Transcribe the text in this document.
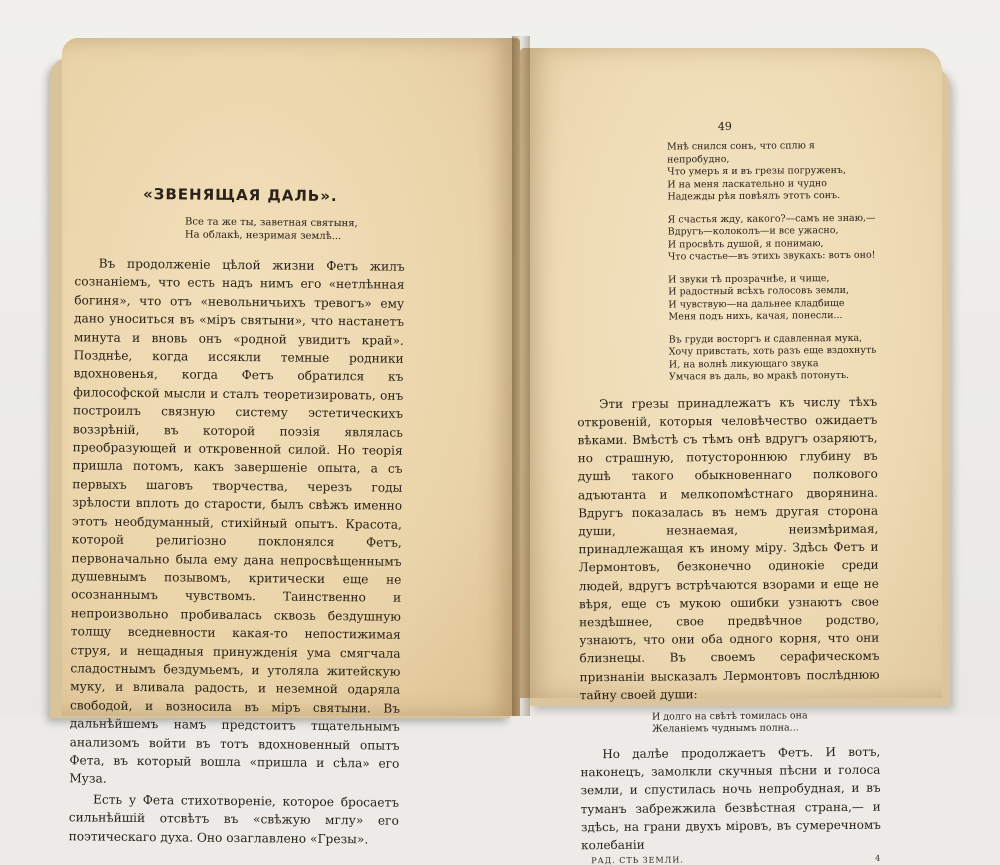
«ЗВЕНЯЩАЯ ДАЛЬ».
Все та же ты, заветная святыня,
На облакѣ, незримая землѣ...

Въ продолженіе цѣлой жизни Фетъ жилъ сознаніемъ, что есть надъ нимъ его «нетлѣнная богиня», что отъ «невольничьихъ тревогъ» ему дано уноситься въ «міръ святыни», что настанетъ минута и вновь онъ «родной увидитъ край». Позднѣе, когда иссякли темные родники вдохновенья, когда Фетъ обратился къ философской мысли и сталъ теоретизировать, онъ построилъ связную систему эстетическихъ воззрѣній, въ которой поэзія являлась преобразующей и откровенной силой. Но теорія пришла потомъ, какъ завершеніе опыта, а съ первыхъ шаговъ творчества, черезъ годы зрѣлости вплоть до старости, былъ свѣжъ именно этотъ необдуманный, стихійный опытъ. Красота, которой религіозно поклонялся Фетъ, первоначально была ему дана непросвѣщеннымъ душевнымъ позывомъ, критически еще не осознаннымъ чувствомъ. Таинственно и непроизвольно пробивалась сквозь бездушную толщу вседневности какая-то непостижимая струя, и нещадныя принужденія ума смягчала сладостнымъ бездумьемъ, и утоляла житейскую муку, и вливала радость, и неземной одаряла свободой, и возносила въ міръ святыни. Въ дальнѣйшемъ намъ предстоитъ тщательнымъ анализомъ войти въ тотъ вдохновенный опытъ Фета, въ который вошла «пришла и сѣла» его Муза.

Есть у Фета стихотвореніе, которое бросаетъ сильнѣйшій отсвѣтъ въ «свѣжую мглу» его поэтическаго духа. Оно озаглавлено «Грезы».

49
Мнѣ снился сонъ, что сплю я непробудно,
Что умеръ я и въ грезы погруженъ,
И на меня ласкательно и чудно
Надежды рѣя повѣялъ этотъ сонъ.
Я счастья жду, какого?—самъ не знаю,—
Вдругъ—колоколъ—и все ужасно,
И просвѣть душой, я понимаю,
Что счастье—въ этихъ звукахъ: вотъ оно!
И звуки тѣ прозрачнѣе, и чище,
И радостный всѣхъ голосовъ земли,
И чувствую—на дальнее кладбище
Меня подъ нихъ, качая, понесли...
Въ груди восторгъ и сдавленная мука,
Хочу привстать, хоть разъ еще вздохнуть
И, на волнѣ ликующаго звука
Умчася въ даль, во мракѣ потонуть.

Эти грезы принадлежатъ къ числу тѣхъ откровеній, которыя человѣчество ожидаетъ вѣками. Вмѣстѣ съ тѣмъ онѣ вдругъ озаряютъ, но страшную, потустороннюю глубину въ душѣ такого обыкновеннаго полкового адъютанта и мелкопомѣстнаго дворянина. Вдругъ показалась въ немъ другая сторона души, незнаемая, неизмѣримая, принадлежащая къ иному міру. Здѣсь Фетъ и Лермонтовъ, безконечно одинокіе среди людей, вдругъ встрѣчаются взорами и еще не вѣря, еще съ мукою ошибки узнаютъ свое нездѣшнее, свое предвѣчное родство, узнаютъ, что они оба одного корня, что они близнецы. Въ своемъ серафическомъ признаніи высказалъ Лермонтовъ послѣднюю тайну своей души:

И долго на свѣтѣ томилась она
Желаніемъ чуднымъ полна...

Но далѣе продолжаетъ Фетъ. И вотъ, наконецъ, замолкли скучныя пѣсни и голоса земли, и спустилась ночь непробудная, и въ туманъ забрежжила безвѣстная страна,— и здѣсь, на грани двухъ міровъ, въ сумеречномъ колебаніи

РАД. СТЬ ЗЕМЛИ.	4
